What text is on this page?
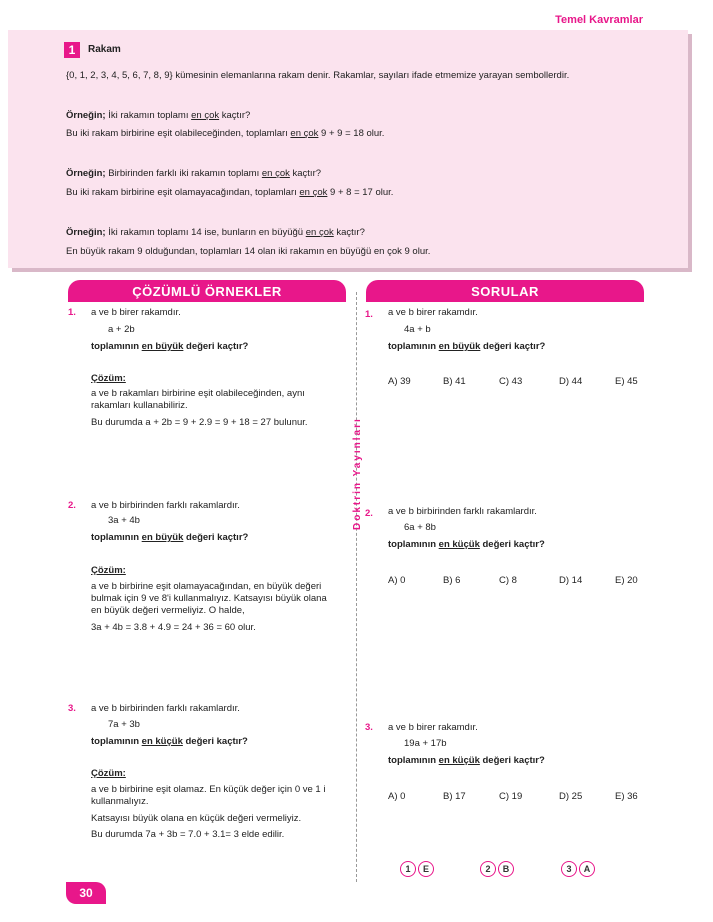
Temel Kavramlar
1	Rakam
{0, 1, 2, 3, 4, 5, 6, 7, 8, 9} kümesinin elemanlarına rakam denir. Rakamlar, sayıları ifade etmemize yarayan sembollerdir.
Örneğin; İki rakamın toplamı en çok kaçtır?
Bu iki rakam birbirine eşit olabileceğinden, toplamları en çok 9 + 9 = 18 olur.
Örneğin; Birbirinden farklı iki rakamın toplamı en çok kaçtır?
Bu iki rakam birbirine eşit olamayacağından, toplamları en çok 9 + 8 = 17 olur.
Örneğin; İki rakamın toplamı 14 ise, bunların en büyüğü en çok kaçtır?
En büyük rakam 9 olduğundan, toplamları 14 olan iki rakamın en büyüğü en çok 9 olur.
ÇÖZÜMLÜ ÖRNEKLER	SORULAR
Doktrin Yayınları
1. a ve b birer rakamdır.
a + 2b
toplamının en büyük değeri kaçtır?
Çözüm:
a ve b rakamları birbirine eşit olabileceğinden, aynı
rakamları kullanabiliriz.
Bu durumda a + 2b = 9 + 2.9 = 9 + 18 = 27 bulunur.
2. a ve b birbirinden farklı rakamlardır.
3a + 4b
toplamının en büyük değeri kaçtır?
Çözüm:
a ve b birbirine eşit olamayacağından, en büyük değeri
bulmak için 9 ve 8'i kullanmalıyız. Katsayısı büyük olana
en büyük değeri vermeliyiz. O halde,
3a + 4b = 3.8 + 4.9 = 24 + 36 = 60 olur.
3. a ve b birbirinden farklı rakamlardır.
7a + 3b
toplamının en küçük değeri kaçtır?
Çözüm:
a ve b birbirine eşit olamaz. En küçük değer için 0 ve 1 i
kullanmalıyız.
Katsayısı büyük olana en küçük değeri vermeliyiz.
Bu durumda 7a + 3b = 7.0 + 3.1= 3 elde edilir.
1. a ve b birer rakamdır.
4a + b
toplamının en büyük değeri kaçtır?
A) 39	B) 41	C) 43	D) 44	E) 45
2. a ve b birbirinden farklı rakamlardır.
6a + 8b
toplamının en küçük değeri kaçtır?
A) 0	B) 6	C) 8	D) 14	E) 20
3. a ve b birer rakamdır.
19a + 17b
toplamının en küçük değeri kaçtır?
A) 0	B) 17	C) 19	D) 25	E) 36
1	E	2	B	3	A
30
